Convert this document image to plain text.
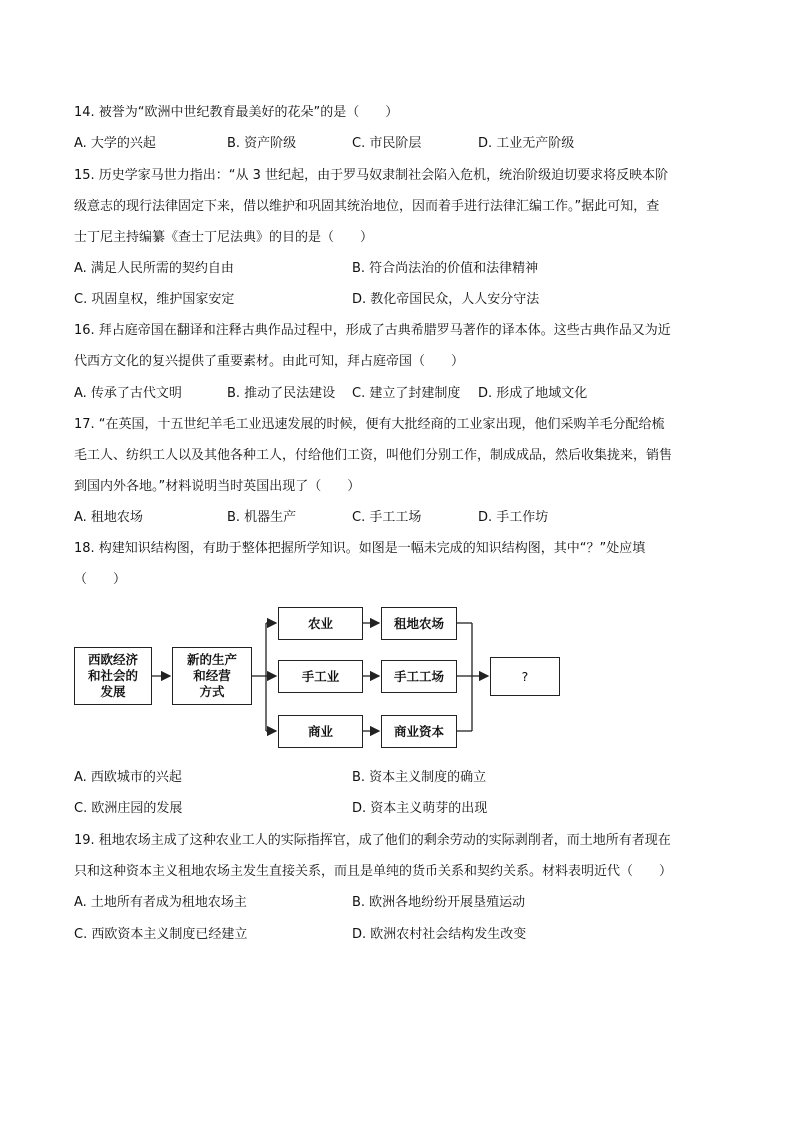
14. 被誉为“欧洲中世纪教育最美好的花朵”的是（　　）
A. 大学的兴起	B. 资产阶级	C. 市民阶层	D. 工业无产阶级
15. 历史学家马世力指出：“从 3 世纪起，由于罗马奴隶制社会陷入危机，统治阶级迫切要求将反映本阶
级意志的现行法律固定下来，借以维护和巩固其统治地位，因而着手进行法律汇编工作。”据此可知，查
士丁尼主持编纂《查士丁尼法典》的目的是（　　）
A. 满足人民所需的契约自由	B. 符合尚法治的价值和法律精神
C. 巩固皇权，维护国家安定	D. 教化帝国民众，人人安分守法
16. 拜占庭帝国在翻译和注释古典作品过程中，形成了古典希腊罗马著作的译本体。这些古典作品又为近
代西方文化的复兴提供了重要素材。由此可知，拜占庭帝国（　　）
A. 传承了古代文明	B. 推动了民法建设 C. 建立了封建制度 D. 形成了地域文化
17. “在英国，十五世纪羊毛工业迅速发展的时候，便有大批经商的工业家出现，他们采购羊毛分配给梳
毛工人、纺织工人以及其他各种工人，付给他们工资，叫他们分别工作，制成成品，然后收集拢来，销售
到国内外各地。”材料说明当时英国出现了（　　）
A. 租地农场	B. 机器生产	C. 手工工场	D. 手工作坊
18. 构建知识结构图，有助于整体把握所学知识。如图是一幅未完成的知识结构图，其中“？”处应填
（　　）
西欧经济
和社会的
发展
新的生产
和经营
方式
农业
手工业
商业
租地农场
手工工场
商业资本
?
A. 西欧城市的兴起	B. 资本主义制度的确立
C. 欧洲庄园的发展	D. 资本主义萌芽的出现
19. 租地农场主成了这种农业工人的实际指挥官，成了他们的剩余劳动的实际剥削者，而土地所有者现在
只和这种资本主义租地农场主发生直接关系，而且是单纯的货币关系和契约关系。材料表明近代（　　）
A. 土地所有者成为租地农场主	B. 欧洲各地纷纷开展垦殖运动
C. 西欧资本主义制度已经建立	D. 欧洲农村社会结构发生改变
